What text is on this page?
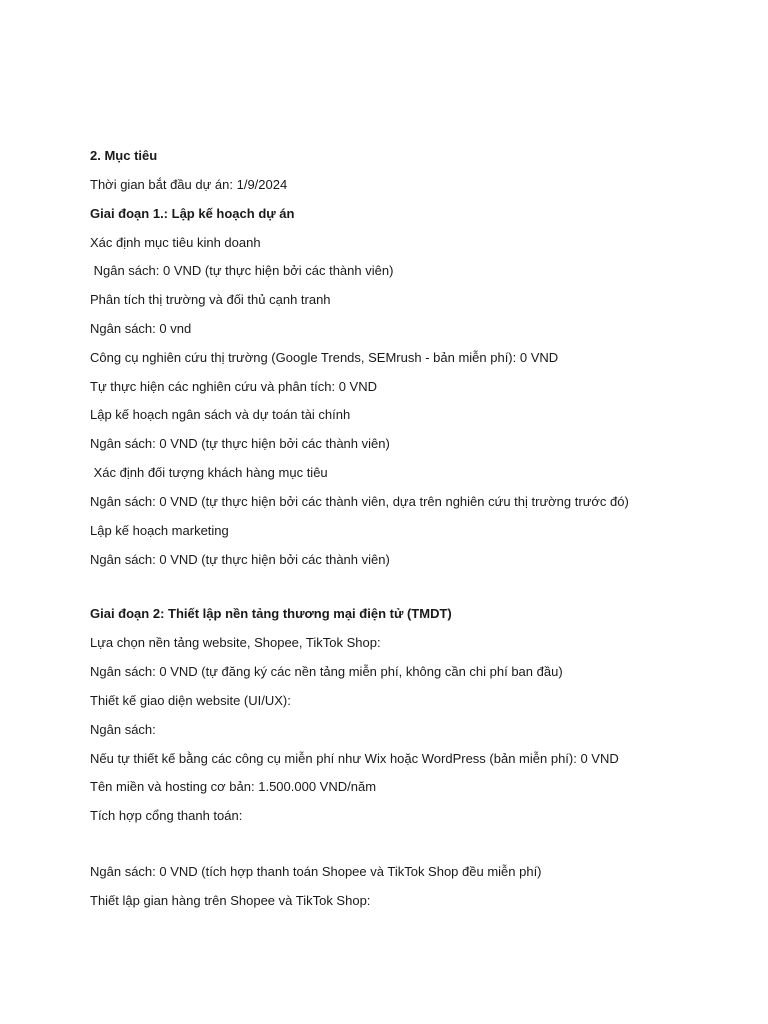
2. Mục tiêu
Thời gian bắt đầu dự án: 1/9/2024
Giai đoạn 1.: Lập kế hoạch dự án
Xác định mục tiêu kinh doanh
Ngân sách: 0 VND (tự thực hiện bởi các thành viên)
Phân tích thị trường và đối thủ cạnh tranh
Ngân sách: 0 vnd
Công cụ nghiên cứu thị trường (Google Trends, SEMrush - bản miễn phí): 0 VND
Tự thực hiện các nghiên cứu và phân tích: 0 VND
Lập kế hoạch ngân sách và dự toán tài chính
Ngân sách: 0 VND (tự thực hiện bởi các thành viên)
Xác định đối tượng khách hàng mục tiêu
Ngân sách: 0 VND (tự thực hiện bởi các thành viên, dựa trên nghiên cứu thị trường trước đó)
Lập kế hoạch marketing
Ngân sách: 0 VND (tự thực hiện bởi các thành viên)
Giai đoạn 2: Thiết lập nền tảng thương mại điện tử (TMDT)
Lựa chọn nền tảng website, Shopee, TikTok Shop:
Ngân sách: 0 VND (tự đăng ký các nền tảng miễn phí, không cần chi phí ban đầu)
Thiết kế giao diện website (UI/UX):
Ngân sách:
Nếu tự thiết kế bằng các công cụ miễn phí như Wix hoặc WordPress (bản miễn phí): 0 VND
Tên miền và hosting cơ bản: 1.500.000 VND/năm
Tích hợp cổng thanh toán:
Ngân sách: 0 VND (tích hợp thanh toán Shopee và TikTok Shop đều miễn phí)
Thiết lập gian hàng trên Shopee và TikTok Shop:
